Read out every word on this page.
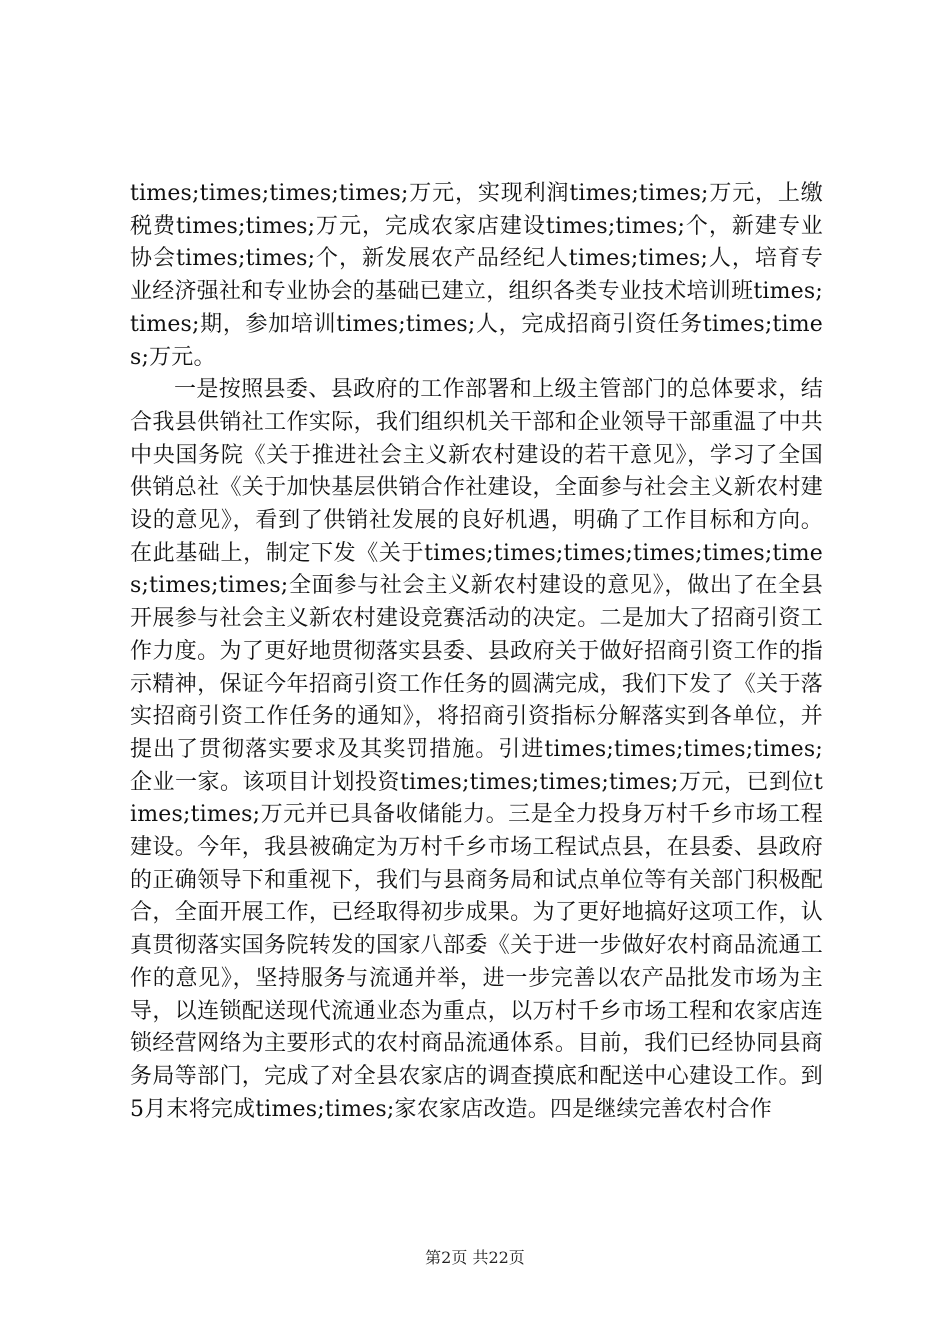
times;times;times;times;万元，实现利润times;times;万元，上缴税费times;times;万元，完成农家店建设times;times;个，新建专业协会times;times;个，新发展农产品经纪人times;times;人，培育专业经济强社和专业协会的基础已建立，组织各类专业技术培训班times;times;期，参加培训times;times;人，完成招商引资任务times;times;万元。

一是按照县委、县政府的工作部署和上级主管部门的总体要求，结合我县供销社工作实际，我们组织机关干部和企业领导干部重温了中共中央国务院《关于推进社会主义新农村建设的若干意见》，学习了全国供销总社《关于加快基层供销合作社建设，全面参与社会主义新农村建设的意见》，看到了供销社发展的良好机遇，明确了工作目标和方向。在此基础上，制定下发《关于times;times;times;times;times;times;times;times;全面参与社会主义新农村建设的意见》，做出了在全县开展参与社会主义新农村建设竞赛活动的决定。二是加大了招商引资工作力度。为了更好地贯彻落实县委、县政府关于做好招商引资工作的指示精神，保证今年招商引资工作任务的圆满完成，我们下发了《关于落实招商引资工作任务的通知》，将招商引资指标分解落实到各单位，并提出了贯彻落实要求及其奖罚措施。引进times;times;times;times;企业一家。该项目计划投资times;times;times;times;万元，已到位times;times;万元并已具备收储能力。三是全力投身万村千乡市场工程建设。今年，我县被确定为万村千乡市场工程试点县，在县委、县政府的正确领导下和重视下，我们与县商务局和试点单位等有关部门积极配合，全面开展工作，已经取得初步成果。为了更好地搞好这项工作，认真贯彻落实国务院转发的国家八部委《关于进一步做好农村商品流通工作的意见》，坚持服务与流通并举，进一步完善以农产品批发市场为主导，以连锁配送现代流通业态为重点，以万村千乡市场工程和农家店连锁经营网络为主要形式的农村商品流通体系。目前，我们已经协同县商务局等部门，完成了对全县农家店的调查摸底和配送中心建设工作。到5月末将完成times;times;家农家店改造。四是继续完善农村合作

第2页 共22页
